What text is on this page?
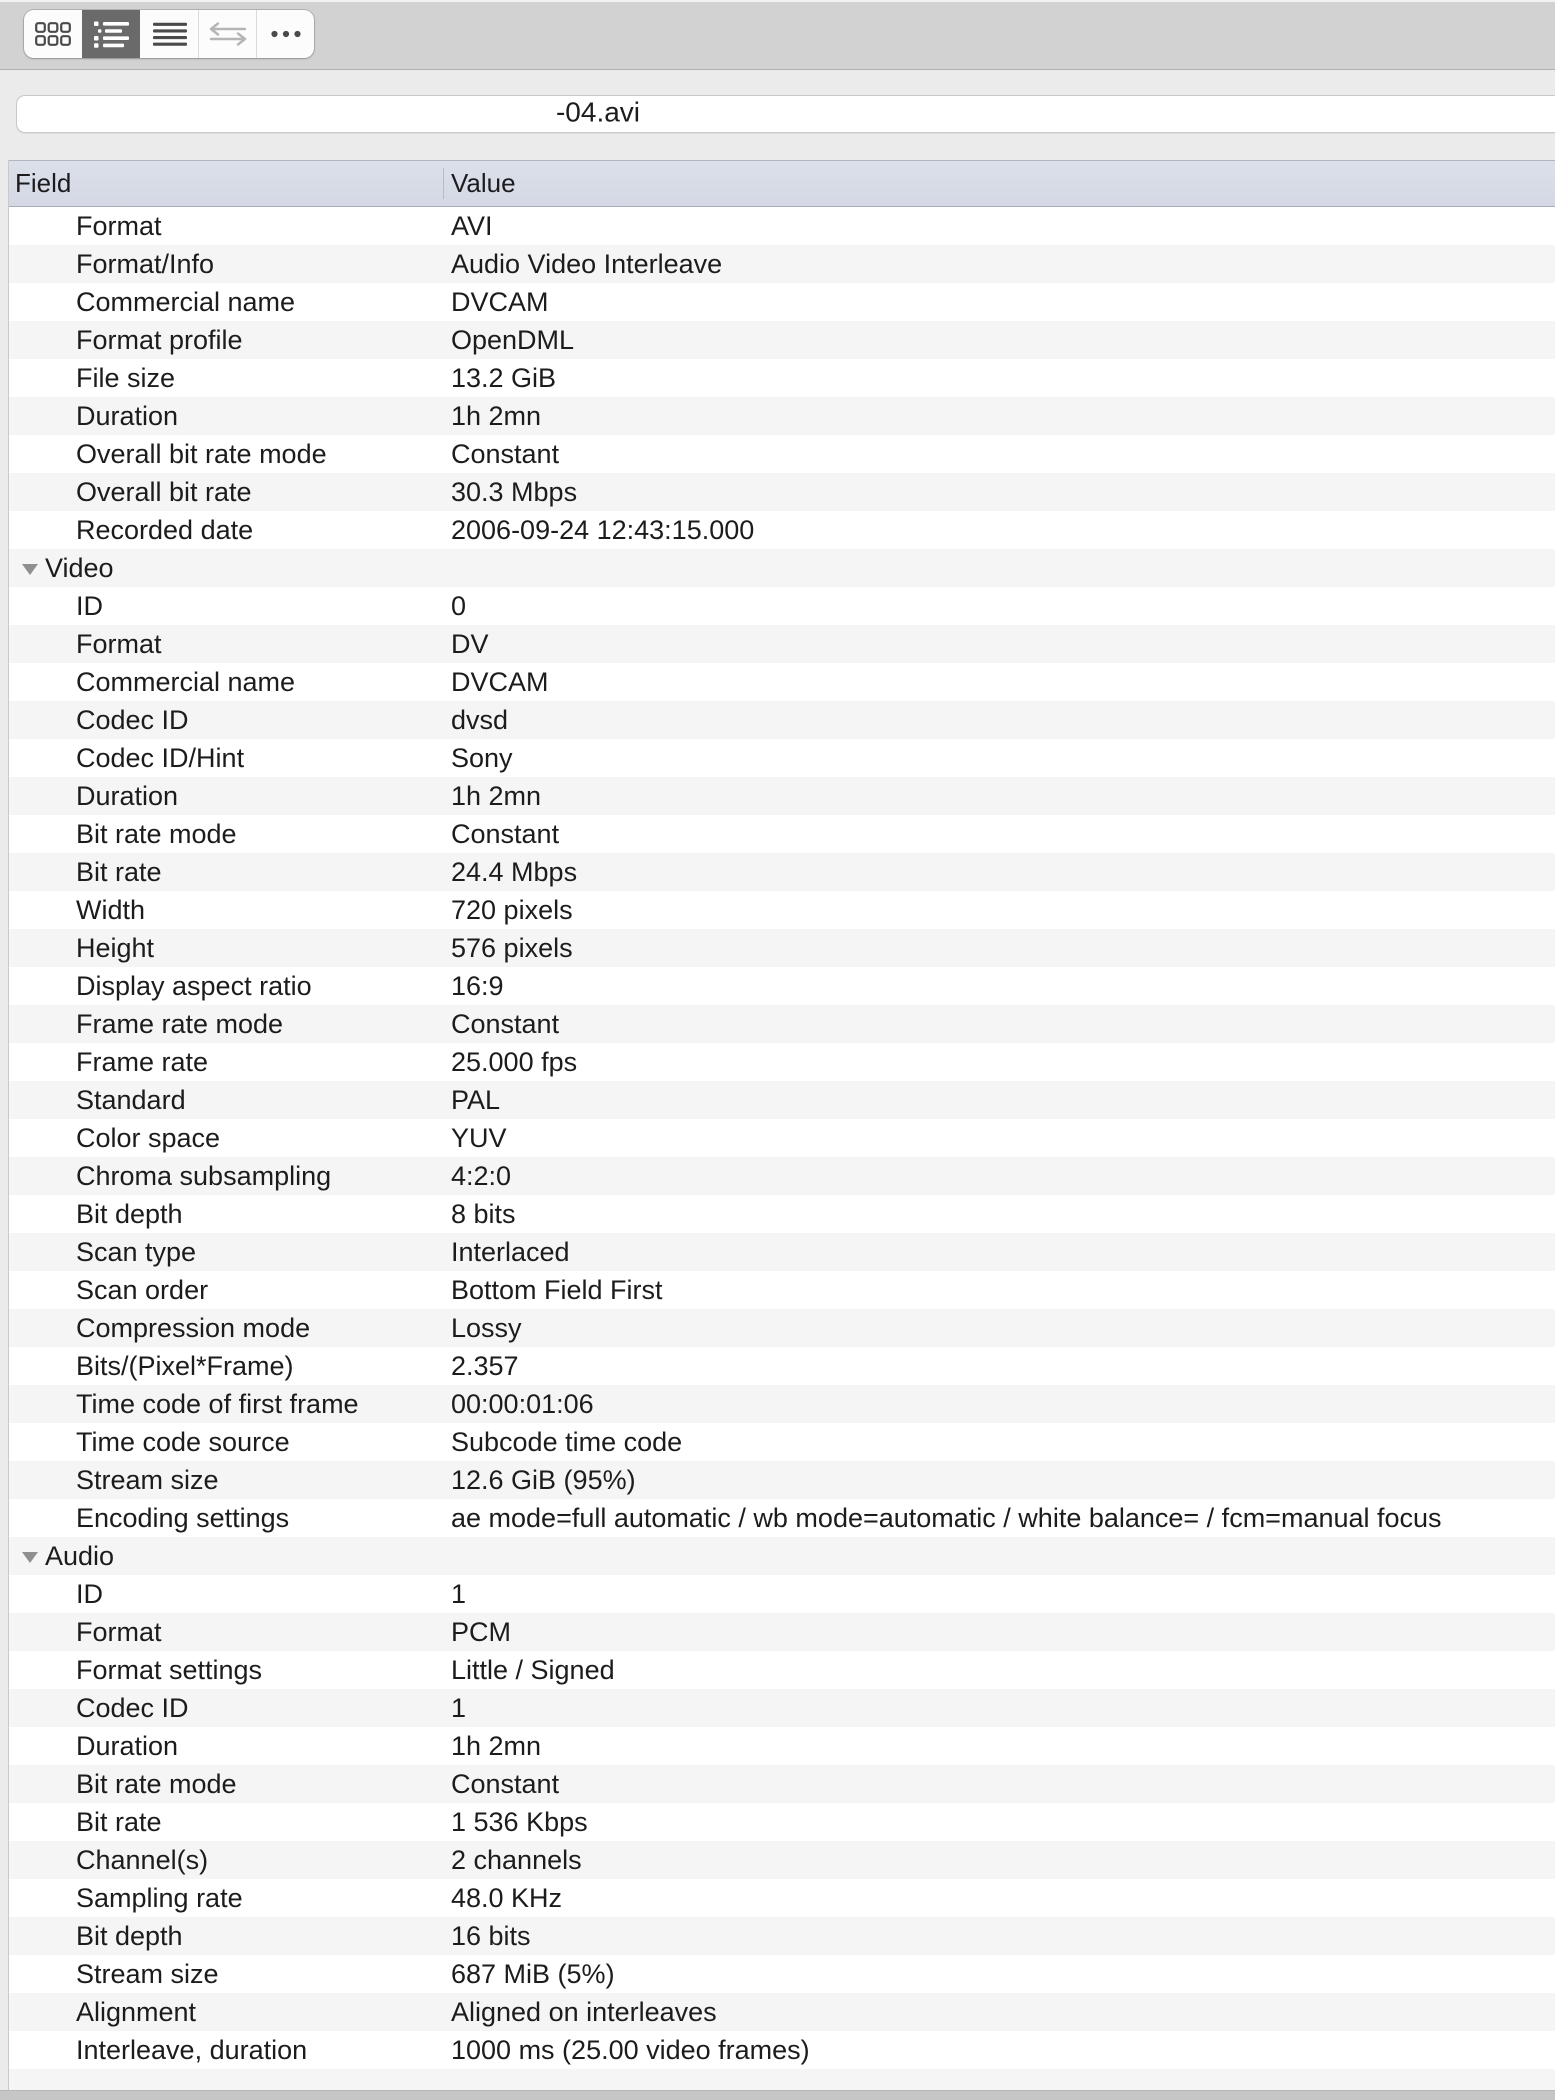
-04.avi
Field	Value
Format	AVI
Format/Info	Audio Video Interleave
Commercial name	DVCAM
Format profile	OpenDML
File size	13.2 GiB
Duration	1h 2mn
Overall bit rate mode	Constant
Overall bit rate	30.3 Mbps
Recorded date	2006-09-24 12:43:15.000
Video
ID	0
Format	DV
Commercial name	DVCAM
Codec ID	dvsd
Codec ID/Hint	Sony
Duration	1h 2mn
Bit rate mode	Constant
Bit rate	24.4 Mbps
Width	720 pixels
Height	576 pixels
Display aspect ratio	16:9
Frame rate mode	Constant
Frame rate	25.000 fps
Standard	PAL
Color space	YUV
Chroma subsampling	4:2:0
Bit depth	8 bits
Scan type	Interlaced
Scan order	Bottom Field First
Compression mode	Lossy
Bits/(Pixel*Frame)	2.357
Time code of first frame	00:00:01:06
Time code source	Subcode time code
Stream size	12.6 GiB (95%)
Encoding settings	ae mode=full automatic / wb mode=automatic / white balance= / fcm=manual focus
Audio
ID	1
Format	PCM
Format settings	Little / Signed
Codec ID	1
Duration	1h 2mn
Bit rate mode	Constant
Bit rate	1 536 Kbps
Channel(s)	2 channels
Sampling rate	48.0 KHz
Bit depth	16 bits
Stream size	687 MiB (5%)
Alignment	Aligned on interleaves
Interleave, duration	1000 ms (25.00 video frames)
